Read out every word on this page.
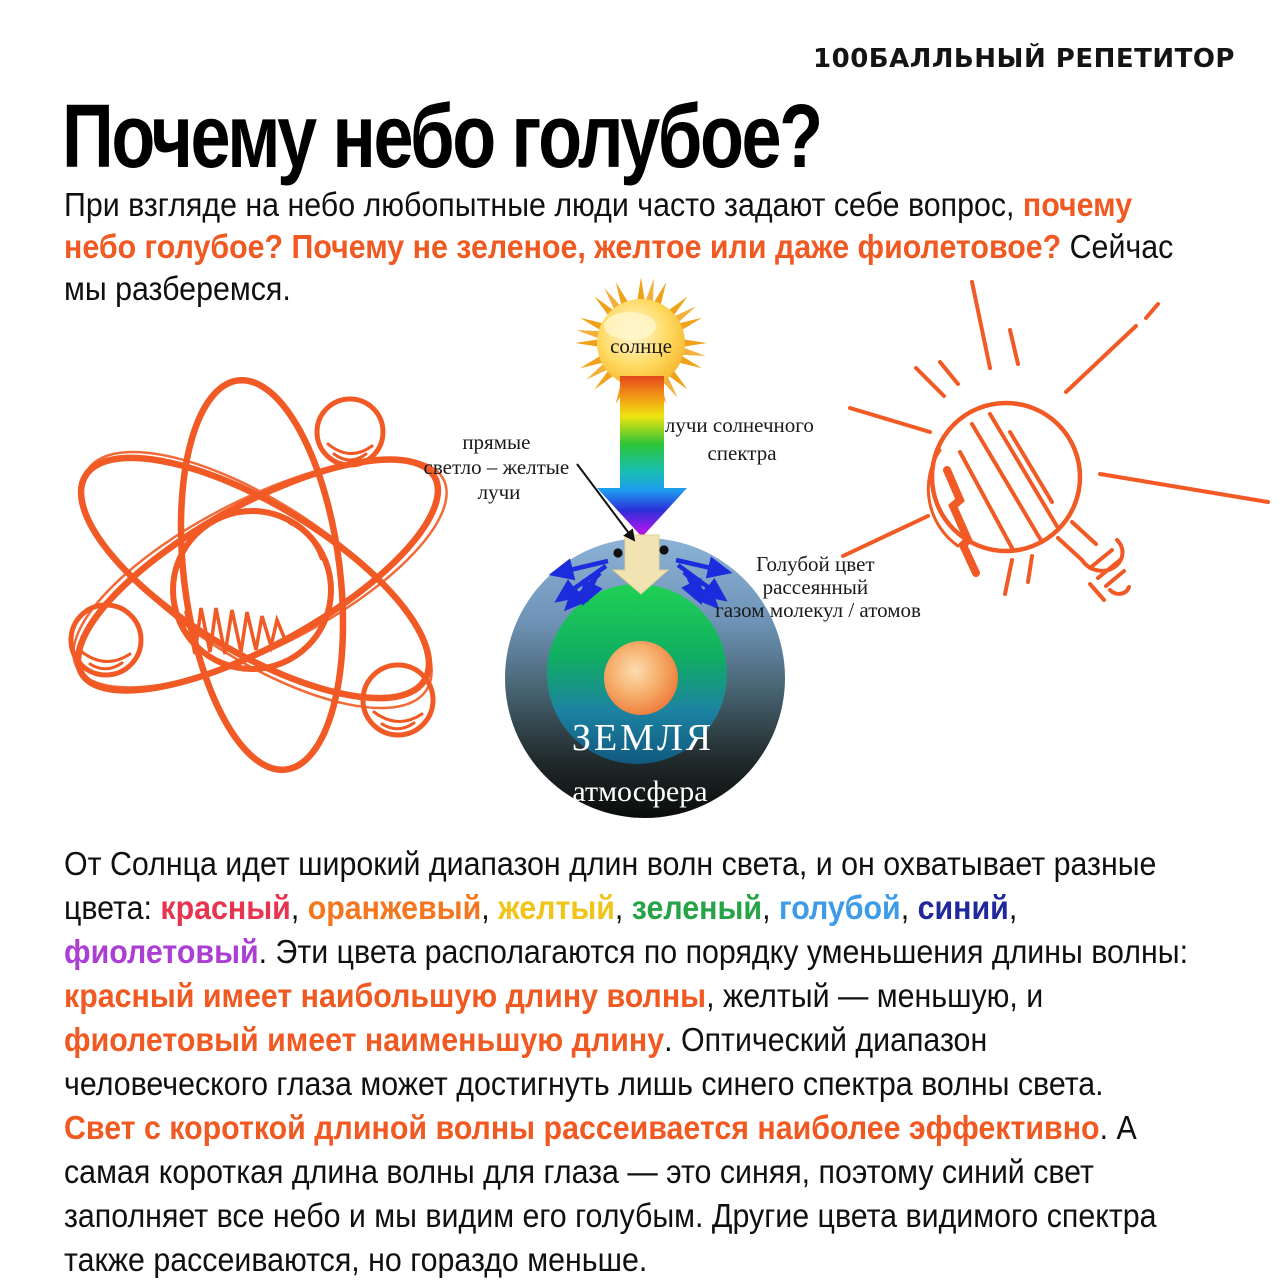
солнце
ЗЕМЛЯ
атмосфера
лучи солнечного спектра
прямые светло – желтые лучи
Голубой цвет рассеянный газом молекул / атомов
100БАЛЛЬНЫЙ РЕПЕТИТОР
Почему небо голубое?
При взгляде на небо любопытные люди часто задают себе вопрос, почему
небо голубое? Почему не зеленое, желтое или даже фиолетовое? Сейчас
мы разберемся.
От Солнца идет широкий диапазон длин волн света, и он охватывает разные
цвета: красный, оранжевый, желтый, зеленый, голубой, синий,
фиолетовый. Эти цвета располагаются по порядку уменьшения длины волны:
красный имеет наибольшую длину волны, желтый — меньшую, и
фиолетовый имеет наименьшую длину. Оптический диапазон
человеческого глаза может достигнуть лишь синего спектра волны света.
Свет с короткой длиной волны рассеивается наиболее эффективно. А
самая короткая длина волны для глаза — это синяя, поэтому синий свет
заполняет все небо и мы видим его голубым. Другие цвета видимого спектра
также рассеиваются, но гораздо меньше.
